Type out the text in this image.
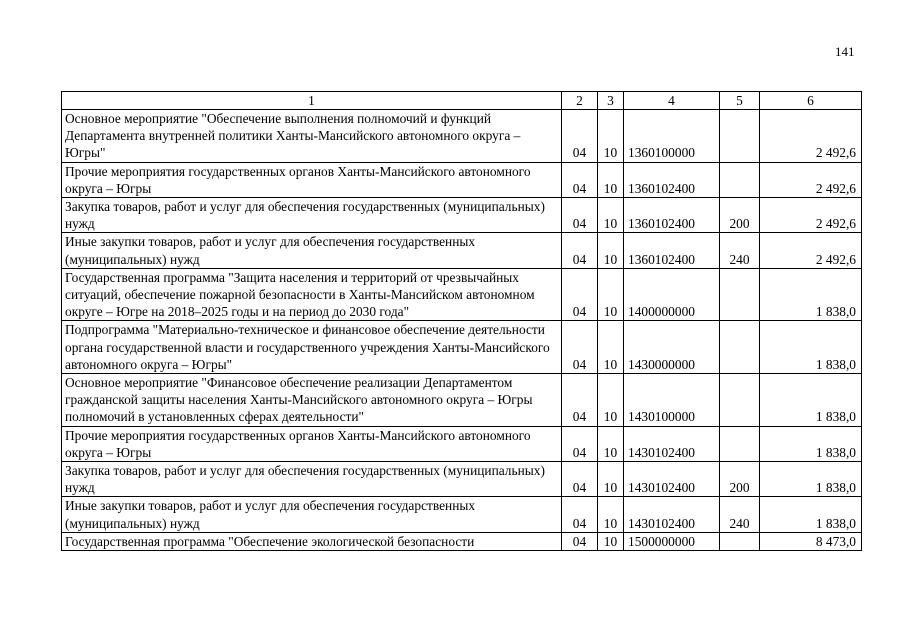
141
1	2	3	4	5	6
Основное мероприятие "Обеспечение выполнения полномочий и функций Департамента внутренней политики Ханты-Мансийского автономного округа – Югры"	04	10	1360100000		2 492,6
Прочие мероприятия государственных органов Ханты-Мансийского автономного округа – Югры	04	10	1360102400		2 492,6
Закупка товаров, работ и услуг для обеспечения государственных (муниципальных) нужд	04	10	1360102400	200	2 492,6
Иные закупки товаров, работ и услуг для обеспечения государственных (муниципальных) нужд	04	10	1360102400	240	2 492,6
Государственная программа "Защита населения и территорий от чрезвычайных ситуаций, обеспечение пожарной безопасности в Ханты-Мансийском автономном округе – Югре на 2018–2025 годы и на период до 2030 года"	04	10	1400000000		1 838,0
Подпрограмма "Материально-техническое и финансовое обеспечение деятельности органа государственной власти и государственного учреждения Ханты-Мансийского автономного округа – Югры"	04	10	1430000000		1 838,0
Основное мероприятие "Финансовое обеспечение реализации Департаментом гражданской защиты населения Ханты-Мансийского автономного округа – Югры полномочий в установленных сферах деятельности"	04	10	1430100000		1 838,0
Прочие мероприятия государственных органов Ханты-Мансийского автономного округа – Югры	04	10	1430102400		1 838,0
Закупка товаров, работ и услуг для обеспечения государственных (муниципальных) нужд	04	10	1430102400	200	1 838,0
Иные закупки товаров, работ и услуг для обеспечения государственных (муниципальных) нужд	04	10	1430102400	240	1 838,0
Государственная программа "Обеспечение экологической безопасности	04	10	1500000000		8 473,0
